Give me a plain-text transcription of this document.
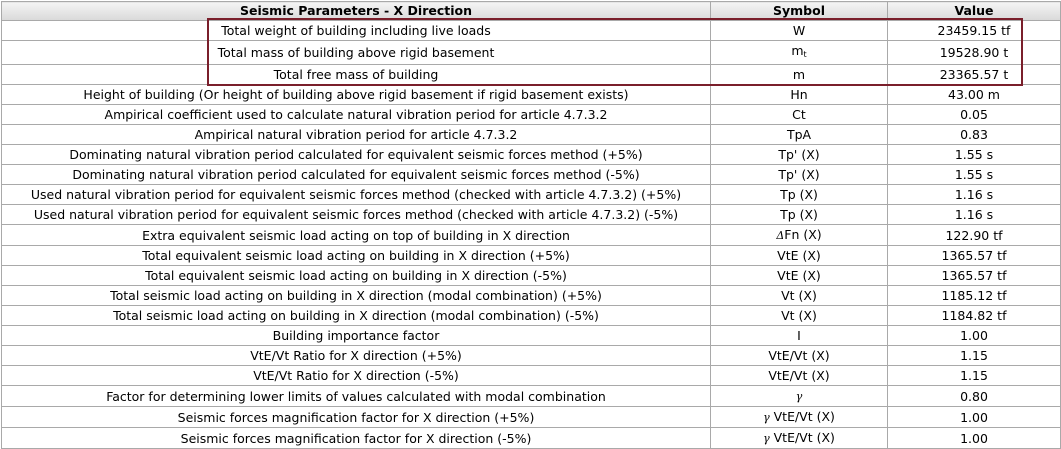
Seismic Parameters - X Direction	Symbol	Value
Total weight of building including live loads	W	23459.15 tf
Total mass of building above rigid basement	$m_t$	19528.90 t
Total free mass of building	m	23365.57 t
Height of building (Or height of building above rigid basement if rigid basement exists)	Hn	43.00 m
Ampirical coefficient used to calculate natural vibration period for article 4.7.3.2	Ct	0.05
Ampirical natural vibration period for article 4.7.3.2	TpA	0.83
Dominating natural vibration period calculated for equivalent seismic forces method (+5%)	Tp' (X)	1.55 s
Dominating natural vibration period calculated for equivalent seismic forces method (-5%)	Tp' (X)	1.55 s
Used natural vibration period for equivalent seismic forces method (checked with article 4.7.3.2) (+5%)	Tp (X)	1.16 s
Used natural vibration period for equivalent seismic forces method (checked with article 4.7.3.2) (-5%)	Tp (X)	1.16 s
Extra equivalent seismic load acting on top of building in X direction	ΔFn (X)	122.90 tf
Total equivalent seismic load acting on building in X direction (+5%)	VtE (X)	1365.57 tf
Total equivalent seismic load acting on building in X direction (-5%)	VtE (X)	1365.57 tf
Total seismic load acting on building in X direction (modal combination) (+5%)	Vt (X)	1185.12 tf
Total seismic load acting on building in X direction (modal combination) (-5%)	Vt (X)	1184.82 tf
Building importance factor	I	1.00
VtE/Vt Ratio for X direction (+5%)	VtE/Vt (X)	1.15
VtE/Vt Ratio for X direction (-5%)	VtE/Vt (X)	1.15
Factor for determining lower limits of values calculated with modal combination	γ	0.80
Seismic forces magnification factor for X direction (+5%)	γ VtE/Vt (X)	1.00
Seismic forces magnification factor for X direction (-5%)	γ VtE/Vt (X)	1.00
